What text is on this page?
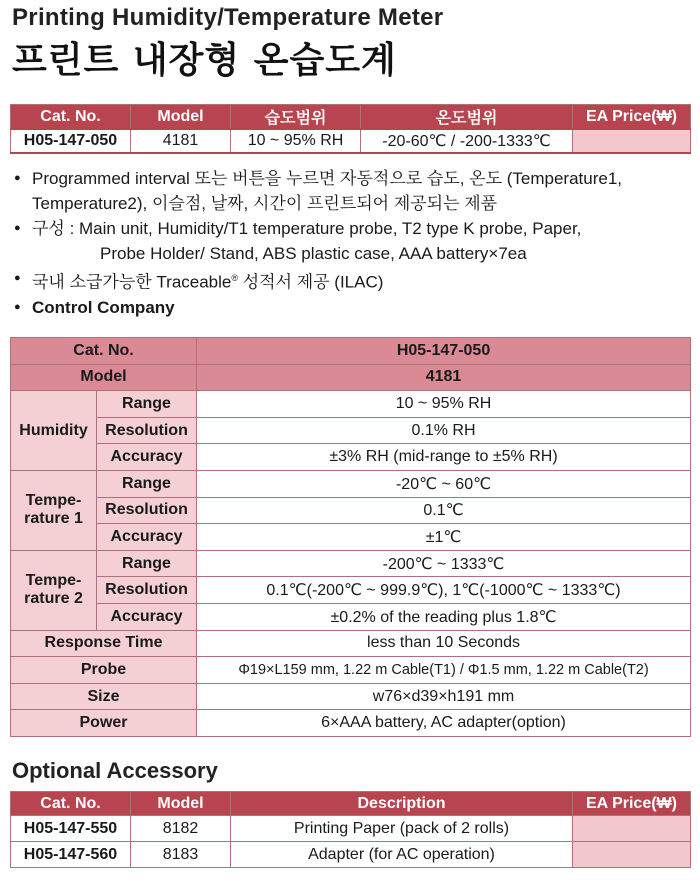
Printing Humidity/Temperature Meter
프린트 내장형 온습도계
Cat. No.	Model	습도범위	온도범위	EA Price(₩)
H05-147-050	4181	10 ~ 95% RH	-20-60℃ / -200-1333℃	
● Programmed interval 또는 버튼을 누르면 자동적으로 습도, 온도 (Temperature1,
Temperature2), 이슬점, 날짜, 시간이 프린트되어 제공되는 제품
● 구성 : Main unit, Humidity/T1 temperature probe, T2 type K probe, Paper,
Probe Holder/ Stand, ABS plastic case, AAA battery×7ea
● 국내 소급가능한 Traceable® 성적서 제공 (ILAC)
● Control Company
Cat. No.		H05-147-050
Model		4181
Humidity	Range	10 ~ 95% RH
	Resolution	0.1% RH
	Accuracy	±3% RH (mid-range to ±5% RH)
Tempe-
rature 1	Range	-20℃ ~ 60℃
	Resolution	0.1℃
	Accuracy	±1℃
Tempe-
rature 2	Range	-200℃ ~ 1333℃
	Resolution	0.1℃(-200℃ ~ 999.9℃), 1℃(-1000℃ ~ 1333℃)
	Accuracy	±0.2% of the reading plus 1.8℃
Response Time		less than 10 Seconds
Probe		Φ19×L159 mm, 1.22 m Cable(T1) / Φ1.5 mm, 1.22 m Cable(T2)
Size		w76×d39×h191 mm
Power		6×AAA battery, AC adapter(option)
Optional Accessory
Cat. No.	Model	Description	EA Price(₩)
H05-147-550	8182	Printing Paper (pack of 2 rolls)	
H05-147-560	8183	Adapter (for AC operation)	
